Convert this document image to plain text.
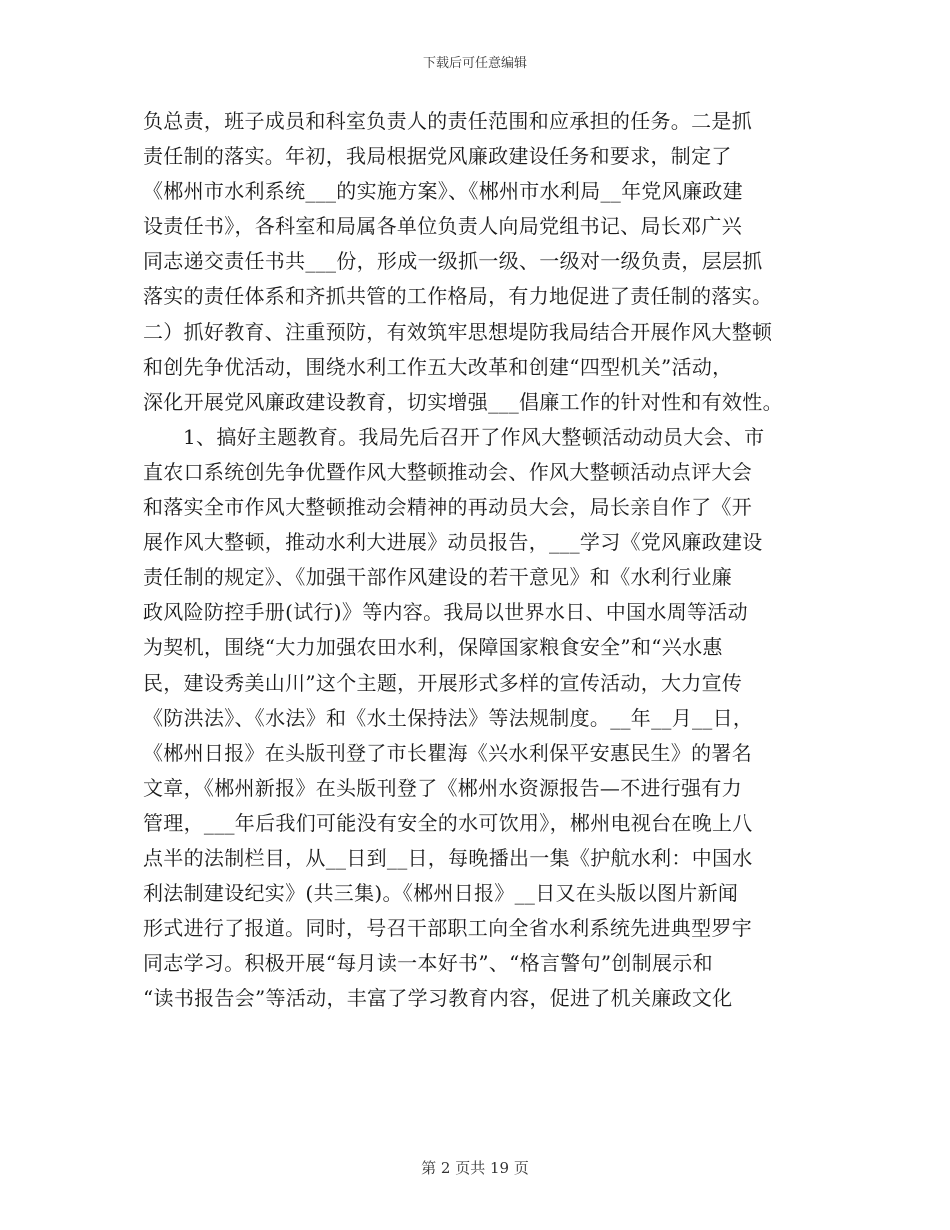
下载后可任意编辑
负总责，班子成员和科室负责人的责任范围和应承担的任务。二是抓
责任制的落实。年初，我局根据党风廉政建设任务和要求，制定了
《郴州市水利系统___的实施方案》、《郴州市水利局__年党风廉政建
设责任书》，各科室和局属各单位负责人向局党组书记、局长邓广兴
同志递交责任书共___份，形成一级抓一级、一级对一级负责，层层抓
落实的责任体系和齐抓共管的工作格局，有力地促进了责任制的落实。
二）抓好教育、注重预防，有效筑牢思想堤防我局结合开展作风大整顿
和创先争优活动，围绕水利工作五大改革和创建“四型机关”活动，
深化开展党风廉政建设教育，切实增强___倡廉工作的针对性和有效性。
1、搞好主题教育。我局先后召开了作风大整顿活动动员大会、市
直农口系统创先争优暨作风大整顿推动会、作风大整顿活动点评大会
和落实全市作风大整顿推动会精神的再动员大会，局长亲自作了《开
展作风大整顿，推动水利大进展》动员报告，___学习《党风廉政建设
责任制的规定》、《加强干部作风建设的若干意见》和《水利行业廉
政风险防控手册(试行)》等内容。我局以世界水日、中国水周等活动
为契机，围绕“大力加强农田水利，保障国家粮食安全”和“兴水惠
民，建设秀美山川”这个主题，开展形式多样的宣传活动，大力宣传
《防洪法》、《水法》和《水土保持法》等法规制度。__年__月__日，
《郴州日报》在头版刊登了市长瞿海《兴水利保平安惠民生》的署名
文章，《郴州新报》在头版刊登了《郴州水资源报告—不进行强有力
管理，___年后我们可能没有安全的水可饮用》，郴州电视台在晚上八
点半的法制栏目，从__日到__日，每晚播出一集《护航水利：中国水
利法制建设纪实》(共三集)。《郴州日报》__日又在头版以图片新闻
形式进行了报道。同时，号召干部职工向全省水利系统先进典型罗宇
同志学习。积极开展“每月读一本好书”、“格言警句”创制展示和
“读书报告会”等活动，丰富了学习教育内容，促进了机关廉政文化
第 2 页共 19 页
